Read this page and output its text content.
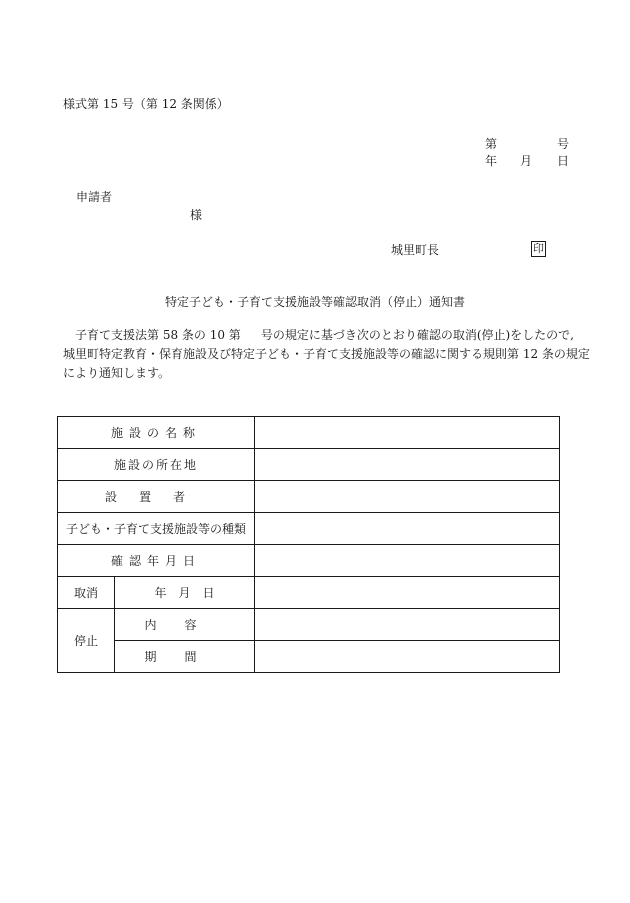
様式第 15 号（第 12 条関係）
第	号
年 月 日
申請者
様
城里町長	印
特定子ども・子育て支援施設等確認取消（停止）通知書
子育て支援法第 58 条の 10 第 号の規定に基づき次のとおり確認の取消(停止)をしたので,
城里町特定教育・保育施設及び特定子ども・子育て支援施設等の確認に関する規則第 12 条の規定
により通知します。
施設の名称		
施設の所在地		
設置者		
子ども・子育て支援施設等の種類		
確認年月日		
取消	年　月　日	
停止	内容	
	期間	
